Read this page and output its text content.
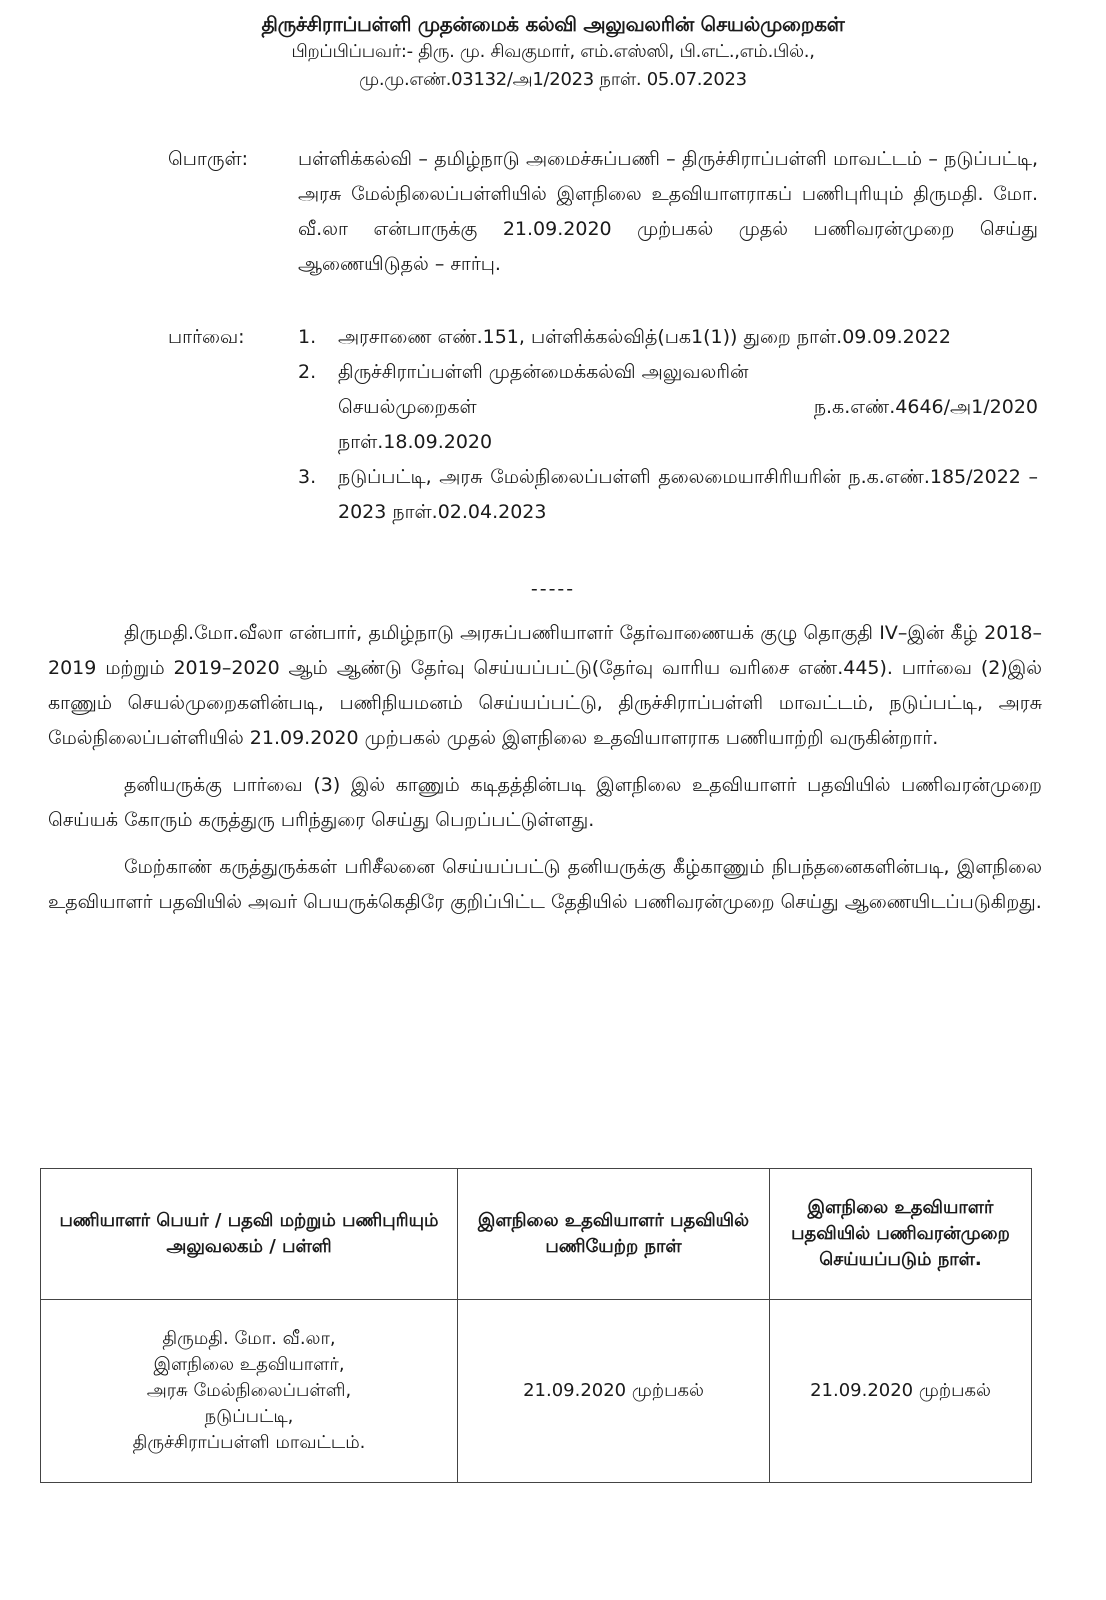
திருச்சிராப்பள்ளி முதன்மைக் கல்வி அலுவலரின் செயல்முறைகள்
பிறப்பிப்பவர்:- திரு. மு. சிவகுமார், எம்.எஸ்ஸி, பி.எட்.,எம்.பில்.,
மு.மு.எண்.03132/அ1/2023 நாள். 05.07.2023
பொருள்:	பள்ளிக்கல்வி – தமிழ்நாடு அமைச்சுப்பணி – திருச்சிராப்பள்ளி மாவட்டம் – நடுப்பட்டி, அரசு மேல்நிலைப்பள்ளியில் இளநிலை உதவியாளராகப் பணிபுரியும் திருமதி. மோ. வீ.லா என்பாருக்கு 21.09.2020 முற்பகல் முதல் பணிவரன்முறை செய்து ஆணையிடுதல் – சார்பு.
பார்வை:	1.	அரசாணை எண்.151, பள்ளிக்கல்வித்(பக1(1)) துறை நாள்.09.09.2022
2.	திருச்சிராப்பள்ளி முதன்மைக்கல்வி அலுவலரின்
செயல்முறைகள்	ந.க.எண்.4646/அ1/2020
நாள்.18.09.2020
3.	நடுப்பட்டி, அரசு மேல்நிலைப்பள்ளி தலைமையாசிரியரின் ந.க.எண்.185/2022 – 2023 நாள்.02.04.2023
-----

திருமதி.மோ.வீலா என்பார், தமிழ்நாடு அரசுப்பணியாளர் தேர்வாணையக் குழு தொகுதி IV–இன் கீழ் 2018–2019 மற்றும் 2019–2020 ஆம் ஆண்டு தேர்வு செய்யப்பட்டு(தேர்வு வாரிய வரிசை எண்.445). பார்வை (2)இல் காணும் செயல்முறைகளின்படி, பணிநியமனம் செய்யப்பட்டு, திருச்சிராப்பள்ளி மாவட்டம், நடுப்பட்டி, அரசு மேல்நிலைப்பள்ளியில் 21.09.2020 முற்பகல் முதல் இளநிலை உதவியாளராக பணியாற்றி வருகின்றார்.

தனியருக்கு பார்வை (3) இல் காணும் கடிதத்தின்படி இளநிலை உதவியாளர் பதவியில் பணிவரன்முறை செய்யக் கோரும் கருத்துரு பரிந்துரை செய்து பெறப்பட்டுள்ளது.

மேற்காண் கருத்துருக்கள் பரிசீலனை செய்யப்பட்டு தனியருக்கு கீழ்காணும் நிபந்தனைகளின்படி, இளநிலை உதவியாளர் பதவியில் அவர் பெயருக்கெதிரே குறிப்பிட்ட தேதியில் பணிவரன்முறை செய்து ஆணையிடப்படுகிறது.

பணியாளர் பெயர் / பதவி மற்றும் பணிபுரியும் அலுவலகம் / பள்ளி	இளநிலை உதவியாளர் பதவியில் பணியேற்ற நாள்	இளநிலை உதவியாளர் பதவியில் பணிவரன்முறை செய்யப்படும் நாள்.

திருமதி. மோ. வீ.லா,
இளநிலை உதவியாளர்,
அரசு மேல்நிலைப்பள்ளி,
நடுப்பட்டி,
திருச்சிராப்பள்ளி மாவட்டம்.	21.09.2020 முற்பகல்	21.09.2020 முற்பகல்
